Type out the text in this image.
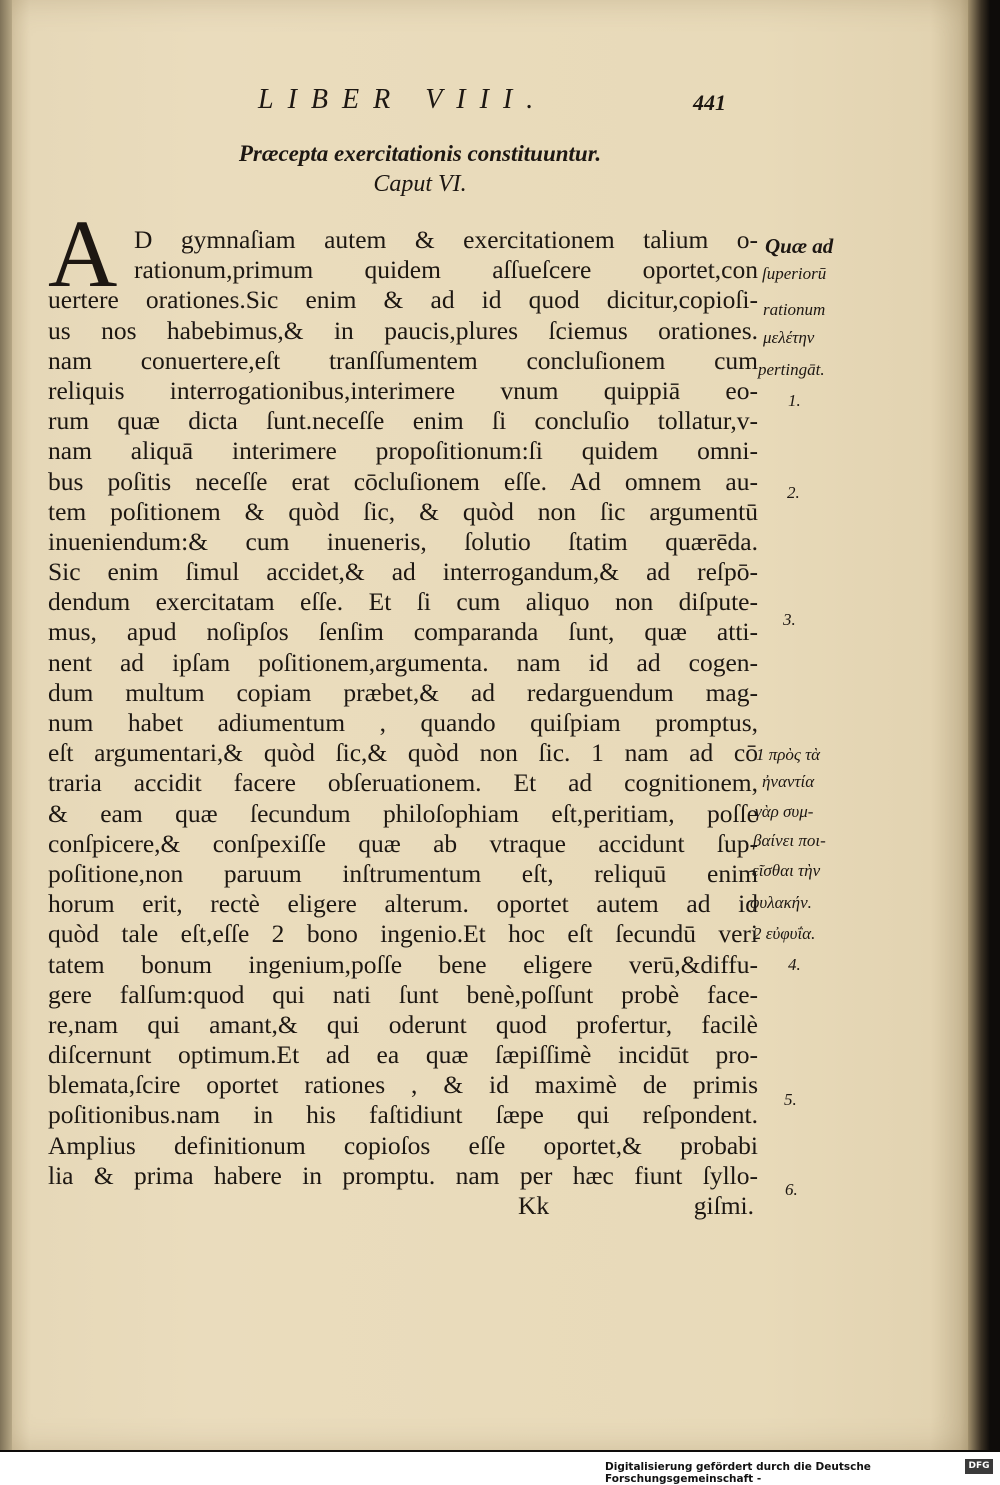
LIBER VIII.	441
Præcepta exercitationis constituuntur.
Caput VI.
A D gymnaſiam autem & exercitationem talium o-
rationum,primum quidem aſſueſcere oportet,con
uertere orationes.Sic enim & ad id quod dicitur,copioſi-
us nos habebimus,& in paucis,plures ſciemus orationes.
nam conuertere,eſt tranſſumentem concluſionem cum
reliquis interrogationibus,interimere vnum quippiā eo-
rum quæ dicta ſunt.neceſſe enim ſi concluſio tollatur,v-
nam aliquā interimere propoſitionum:ſi quidem omni-
bus poſitis neceſſe erat cōcluſionem eſſe. Ad omnem au-
tem poſitionem & quòd ſic, & quòd non ſic argumentū
inueniendum:& cum inueneris, ſolutio ſtatim quærēda.
Sic enim ſimul accidet,& ad interrogandum,& ad reſpō-
dendum exercitatam eſſe. Et ſi cum aliquo non diſpute-
mus, apud noſipſos ſenſim comparanda ſunt, quæ atti-
nent ad ipſam poſitionem,argumenta. nam id ad cogen-
dum multum copiam præbet,& ad redarguendum mag-
num habet adiumentum , quando quiſpiam promptus,
eſt argumentari,& quòd ſic,& quòd non ſic. 1 nam ad cō
traria accidit facere obſeruationem. Et ad cognitionem,
& eam quæ ſecundum philoſophiam eſt,peritiam, poſſe
conſpicere,& conſpexiſſe quæ ab vtraque accidunt ſup-
poſitione,non paruum inſtrumentum eſt, reliquū enim
horum erit, rectè eligere alterum. oportet autem ad id
quòd tale eſt,eſſe 2 bono ingenio.Et hoc eſt ſecundū veri
tatem bonum ingenium,poſſe bene eligere verū,&diffu-
gere falſum:quod qui nati ſunt benè,poſſunt probè face-
re,nam qui amant,& qui oderunt quod profertur, facilè
diſcernunt optimum.Et ad ea quæ ſæpiſſimè incidūt pro-
blemata,ſcire oportet rationes , & id maximè de primis
poſitionibus.nam in his faſtidiunt ſæpe qui reſpondent.
Amplius definitionum copioſos eſſe oportet,& probabi
lia & prima habere in promptu. nam per hæc fiunt ſyllo-
Kk	giſmi.
Quæ ad
ſuperiorū
rationum
μελέτην
pertingāt.
1.
2.
3.
4.
5.
6.
1 πρὸς τὰ
ἠναντία
γὰρ συμ-
βαίνει ποι-
εῖσθαι τὴν
φυλακήν.
2 εὐφυΐα.
Digitalisierung gefördert durch die Deutsche Forschungsgemeinschaft -
DFG
